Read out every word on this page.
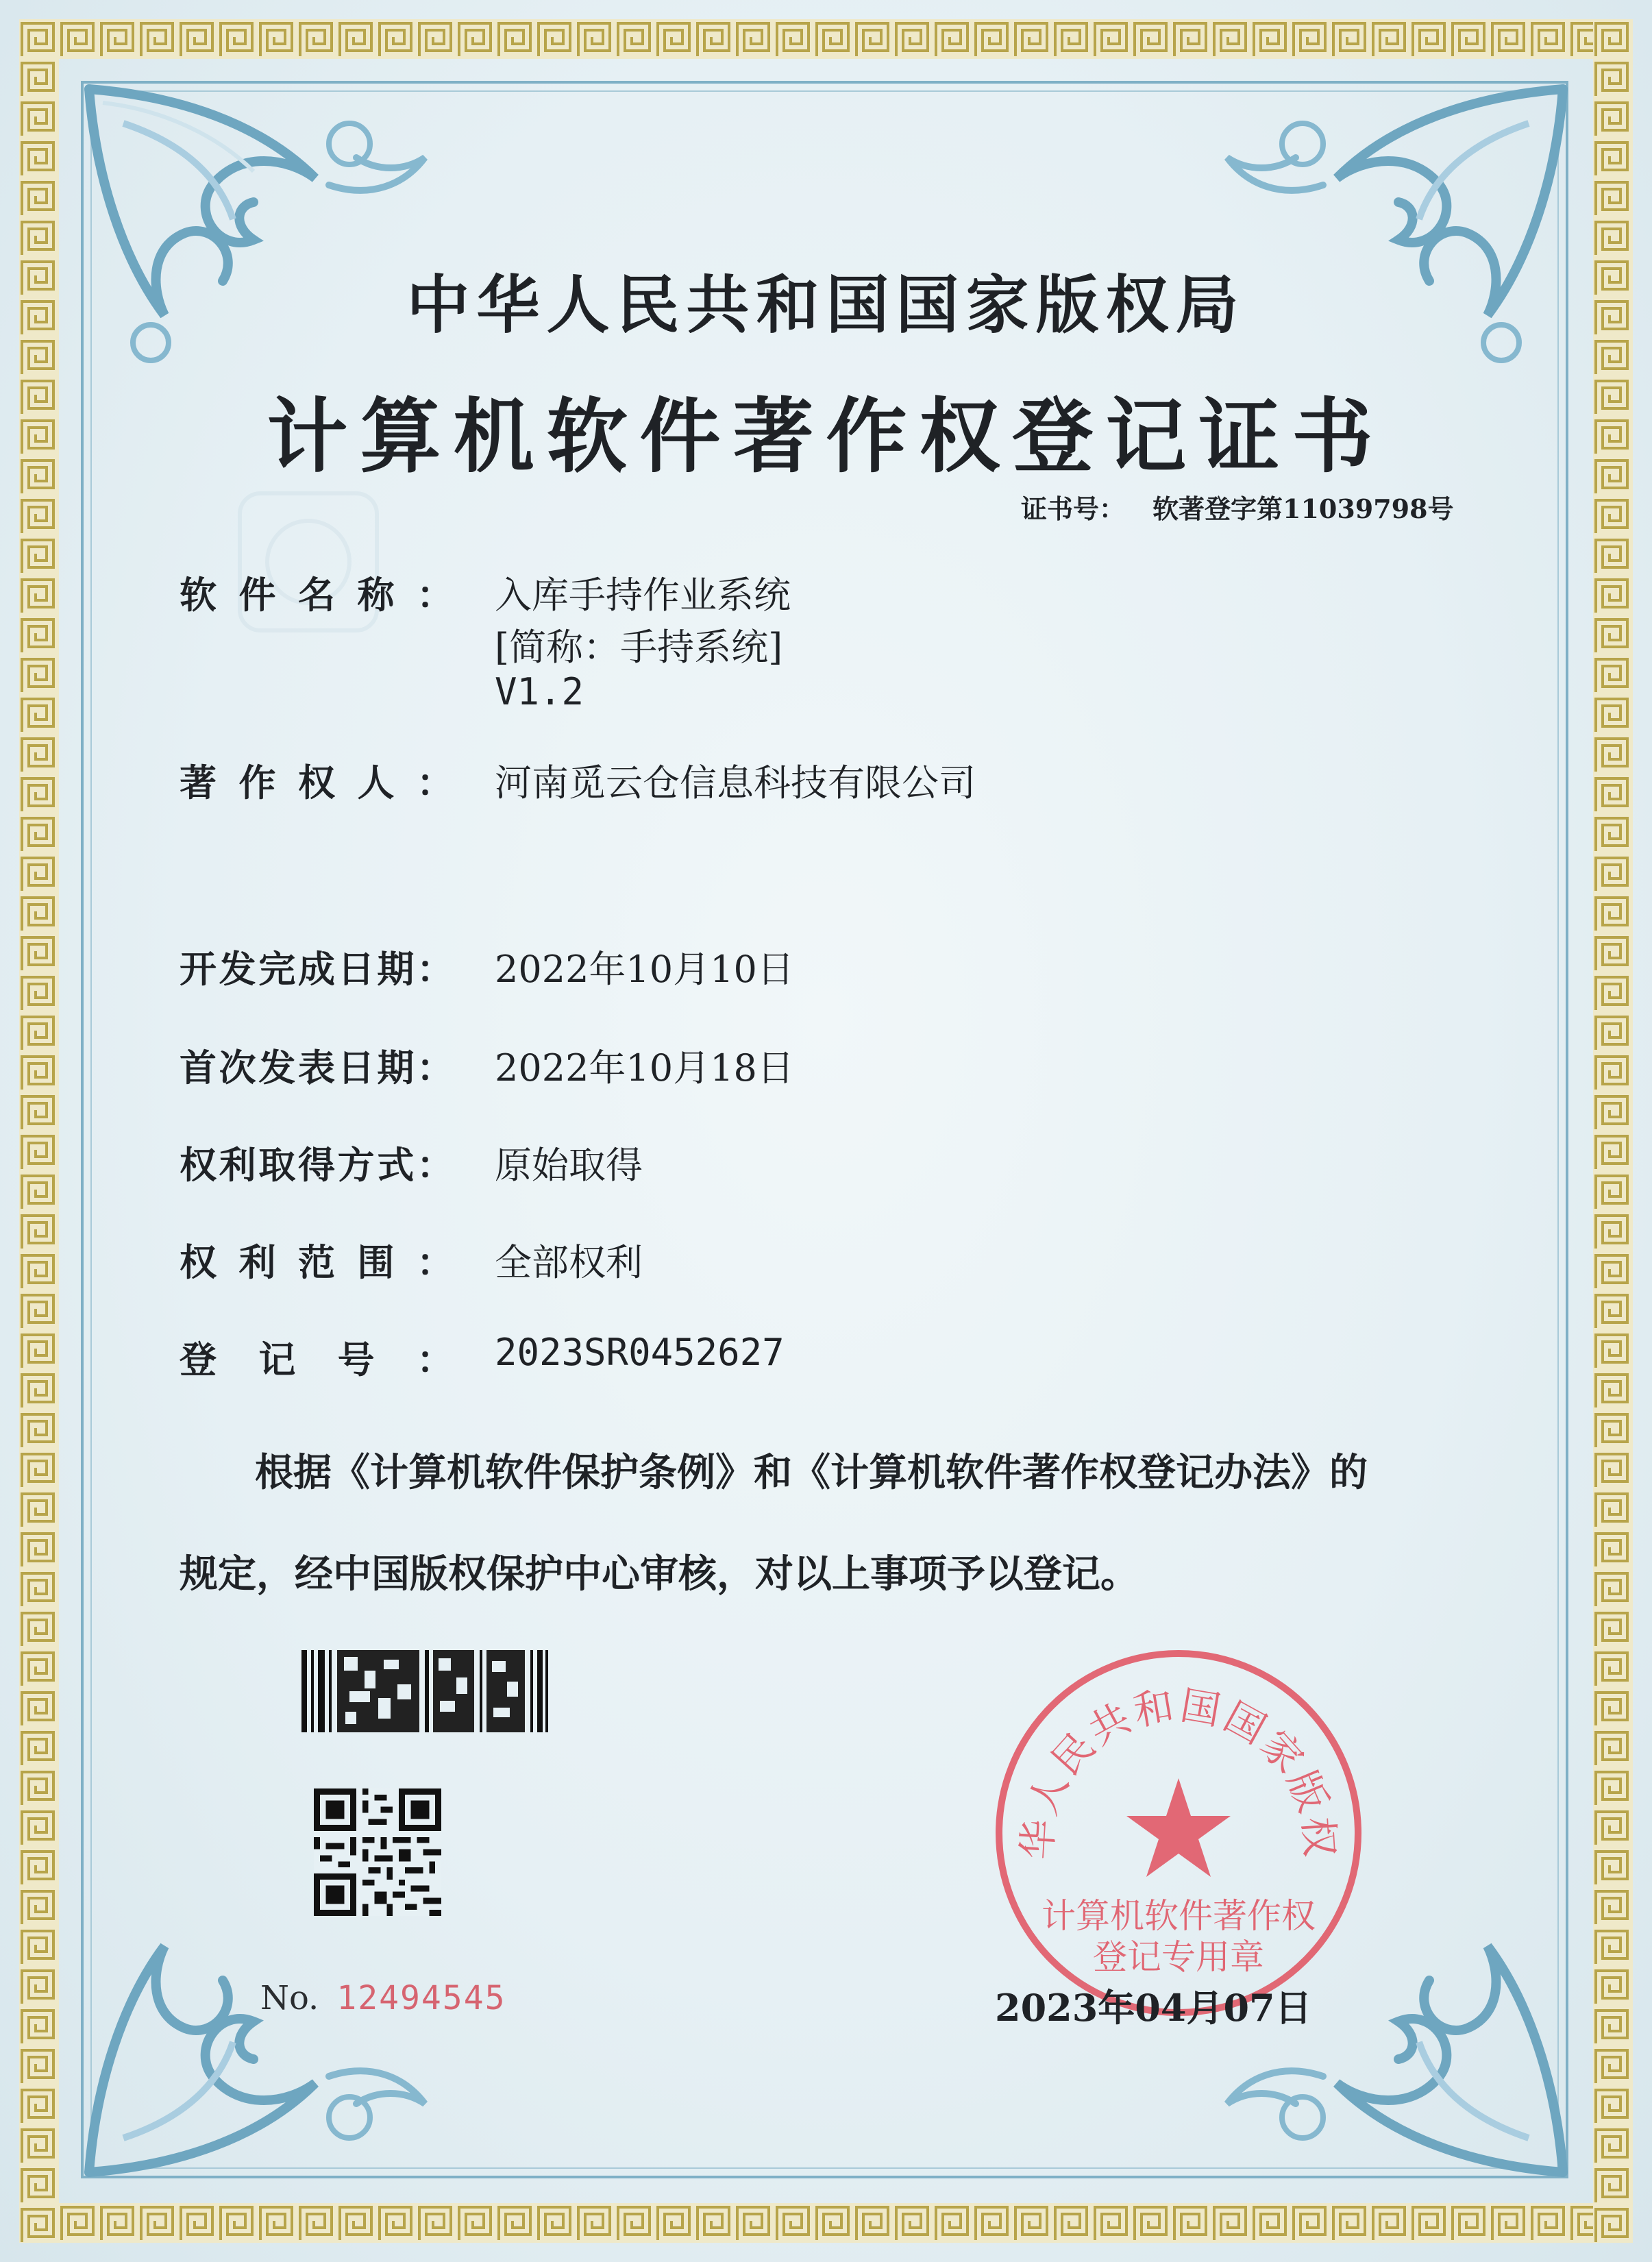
中华人民共和国国家版权局
计算机软件著作权登记证书
证书号： 软著登字第11039798号
软件名称： 入库手持作业系统
[简称：手持系统]
V1.2
著作权人： 河南觅云仓信息科技有限公司
开发完成日期： 2022年10月10日
首次发表日期： 2022年10月18日
权利取得方式： 原始取得
权利范围： 全部权利
登记号： 2023SR0452627
根据《计算机软件保护条例》和《计算机软件著作权登记办法》的
规定，经中国版权保护中心审核，对以上事项予以登记。
No. 12494545
华人民共和国国家版权
计算机软件著作权
登记专用章
2023年04月07日
